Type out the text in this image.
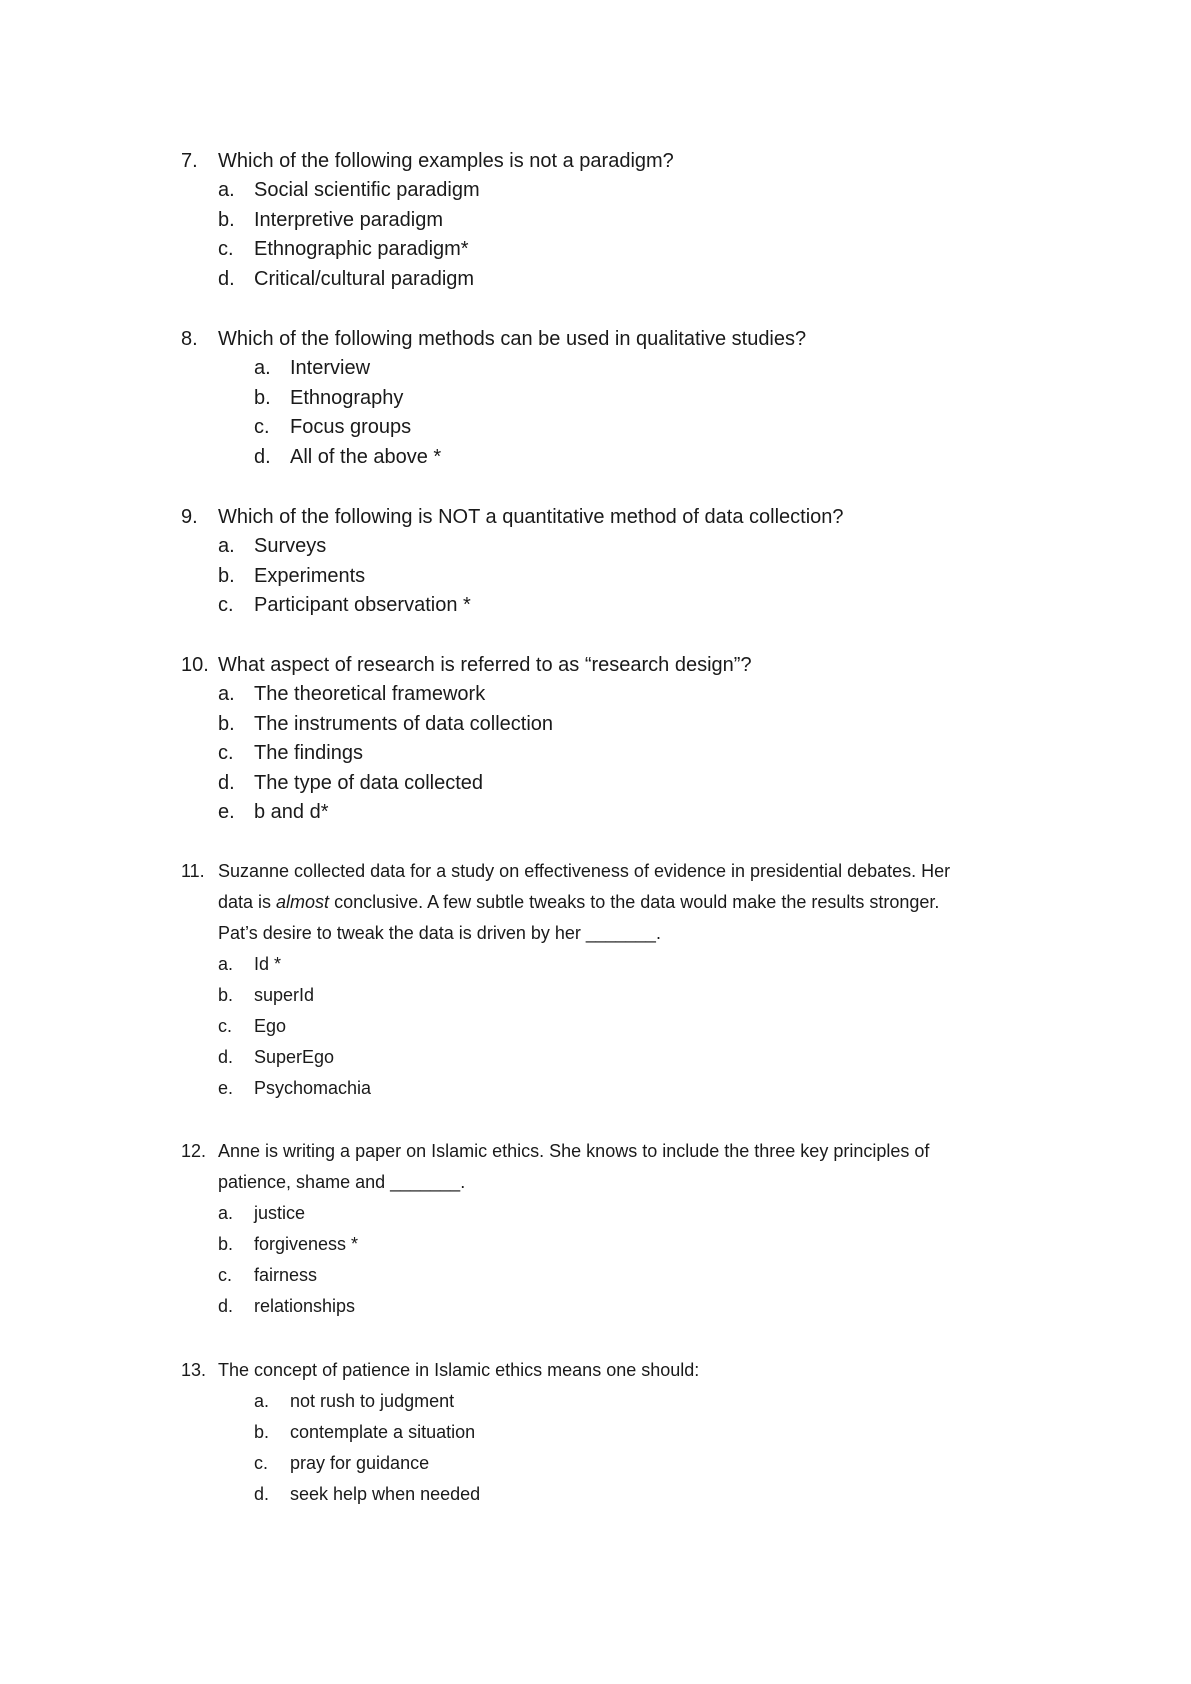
7. Which of the following examples is not a paradigm?
a. Social scientific paradigm
b. Interpretive paradigm
c. Ethnographic paradigm*
d. Critical/cultural paradigm
8. Which of the following methods can be used in qualitative studies?
a. Interview
b. Ethnography
c. Focus groups
d. All of the above *
9. Which of the following is NOT a quantitative method of data collection?
a. Surveys
b. Experiments
c. Participant observation *
10. What aspect of research is referred to as “research design”?
a. The theoretical framework
b. The instruments of data collection
c. The findings
d. The type of data collected
e. b and d*
11. Suzanne collected data for a study on effectiveness of evidence in presidential debates. Her
data is almost conclusive. A few subtle tweaks to the data would make the results stronger.
Pat’s desire to tweak the data is driven by her _______.
a. Id *
b. superId
c. Ego
d. SuperEgo
e. Psychomachia
12. Anne is writing a paper on Islamic ethics. She knows to include the three key principles of
patience, shame and _______.
a. justice
b. forgiveness *
c. fairness
d. relationships
13. The concept of patience in Islamic ethics means one should:
a. not rush to judgment
b. contemplate a situation
c. pray for guidance
d. seek help when needed
